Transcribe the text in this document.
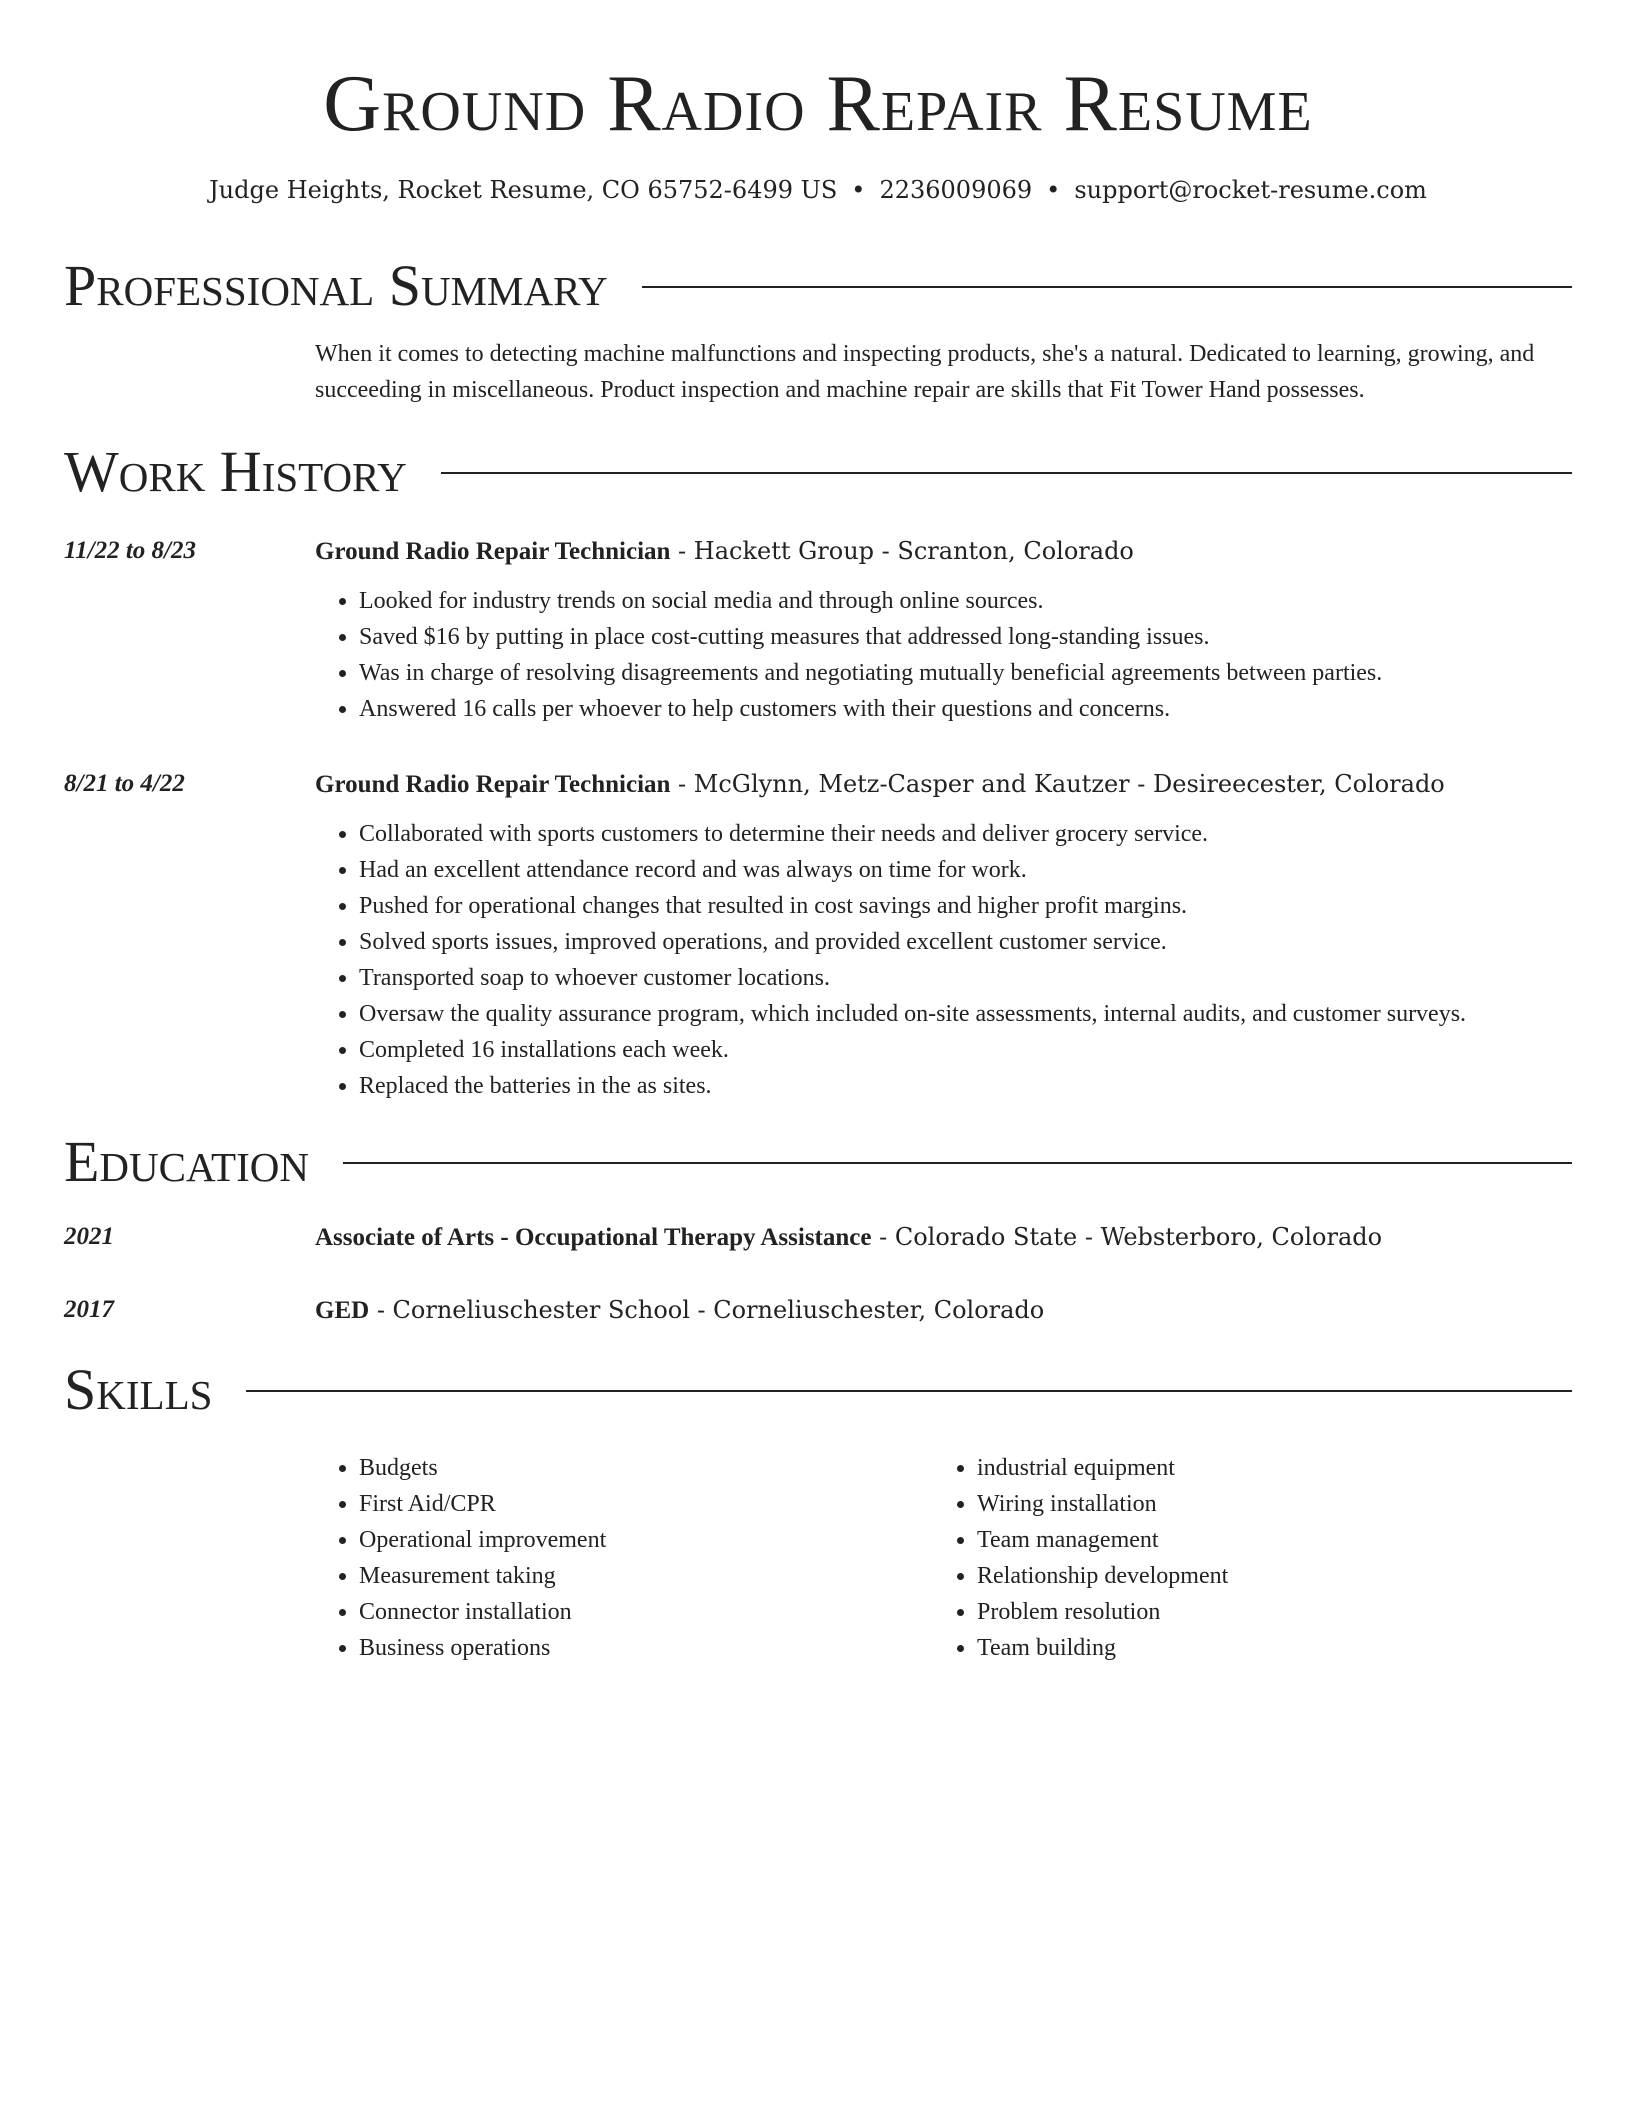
Ground Radio Repair Resume
Judge Heights, Rocket Resume, CO 65752-6499 US • 2236009069 • support@rocket-resume.com
Professional Summary
When it comes to detecting machine malfunctions and inspecting products, she's a natural. Dedicated to learning, growing, and succeeding in miscellaneous. Product inspection and machine repair are skills that Fit Tower Hand possesses.
Work History
11/22 to 8/23	Ground Radio Repair Technician - Hackett Group - Scranton, Colorado
• Looked for industry trends on social media and through online sources.
• Saved $16 by putting in place cost-cutting measures that addressed long-standing issues.
• Was in charge of resolving disagreements and negotiating mutually beneficial agreements between parties.
• Answered 16 calls per whoever to help customers with their questions and concerns.
8/21 to 4/22	Ground Radio Repair Technician - McGlynn, Metz-Casper and Kautzer - Desireecester, Colorado
• Collaborated with sports customers to determine their needs and deliver grocery service.
• Had an excellent attendance record and was always on time for work.
• Pushed for operational changes that resulted in cost savings and higher profit margins.
• Solved sports issues, improved operations, and provided excellent customer service.
• Transported soap to whoever customer locations.
• Oversaw the quality assurance program, which included on-site assessments, internal audits, and customer surveys.
• Completed 16 installations each week.
• Replaced the batteries in the as sites.
Education
2021	Associate of Arts - Occupational Therapy Assistance - Colorado State - Websterboro, Colorado
2017	GED - Corneliuschester School - Corneliuschester, Colorado
Skills
• Budgets
• First Aid/CPR
• Operational improvement
• Measurement taking
• Connector installation
• Business operations
• industrial equipment
• Wiring installation
• Team management
• Relationship development
• Problem resolution
• Team building
